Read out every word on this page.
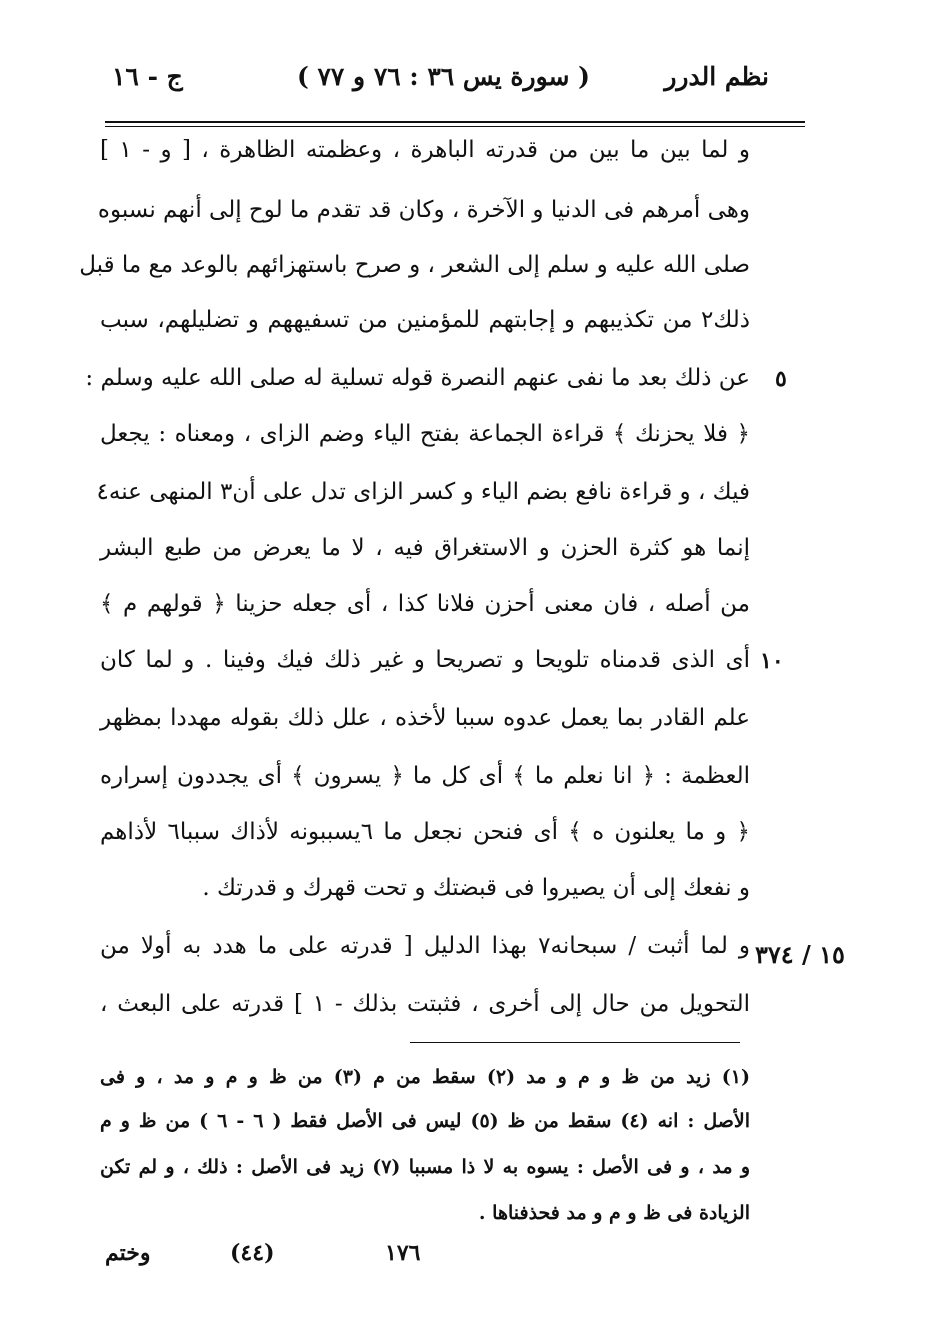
نظم الدرر
( سورة يس ٣٦ : ٧٦ و ٧٧ )
ج - ١٦
و لما بين ما بين من قدرته الباهرة ، وعظمته الظاهرة ، [ و - ١ ]
وهى أمرهم فى الدنيا و الآخرة ، وكان قد تقدم ما لوح إلى أنهم نسبوه
صلى الله عليه و سلم إلى الشعر ، و صرح باستهزائهم بالوعد مع ما قبل
ذلك٢ من تكذيبهم و إجابتهم للمؤمنين من تسفيههم و تضليلهم، سبب
عن ذلك بعد ما نفى عنهم النصرة قوله تسلية له صلى الله عليه وسلم :
﴿ فلا يحزنك ﴾ قراءة الجماعة بفتح الياء وضم الزاى ، ومعناه : يجعل
فيك ، و قراءة نافع بضم الياء و كسر الزاى تدل على أن٣ المنهى عنه٤
إنما هو كثرة الحزن و الاستغراق فيه ، لا ما يعرض من طبع البشر
من أصله ، فان معنى أحزن فلانا كذا ، أى جعله حزينا ﴿ قولهم م ﴾
أى الذى قدمناه تلويحا و تصريحا و غير ذلك فيك وفينا . و لما كان
علم القادر بما يعمل عدوه سببا لأخذه ، علل ذلك بقوله مهددا بمظهر
العظمة : ﴿ انا نعلم ما ﴾ أى كل ما ﴿ يسرون ﴾ أى يجددون إسراره
﴿ و ما يعلنون ه ﴾ أى فنحن نجعل ما ٦يسببونه لأذاك سببا٦ لأذاهم
و نفعك إلى أن يصيروا فى قبضتك و تحت قهرك و قدرتك .
و لما أثبت / سبحانه٧ بهذا الدليل [ قدرته على ما هدد به أولا من
التحويل من حال إلى أخرى ، فثبتت بذلك - ١ ] قدرته على البعث ،
٥
١٠
١٥ / ٣٧٤
(١) زيد من ظ و م و مد (٢) سقط من م (٣) من ظ و م و مد ، و فى
الأصل : انه (٤) سقط من ظ (٥) ليس فى الأصل فقط ( ٦ - ٦ ) من ظ و م
و مد ، و فى الأصل : يسوه به لا ذا مسببا (٧) زيد فى الأصل : ذلك ، و لم تكن
الزيادة فى ظ و م و مد فحذفناها .
١٧٦
(٤٤)
وختم
